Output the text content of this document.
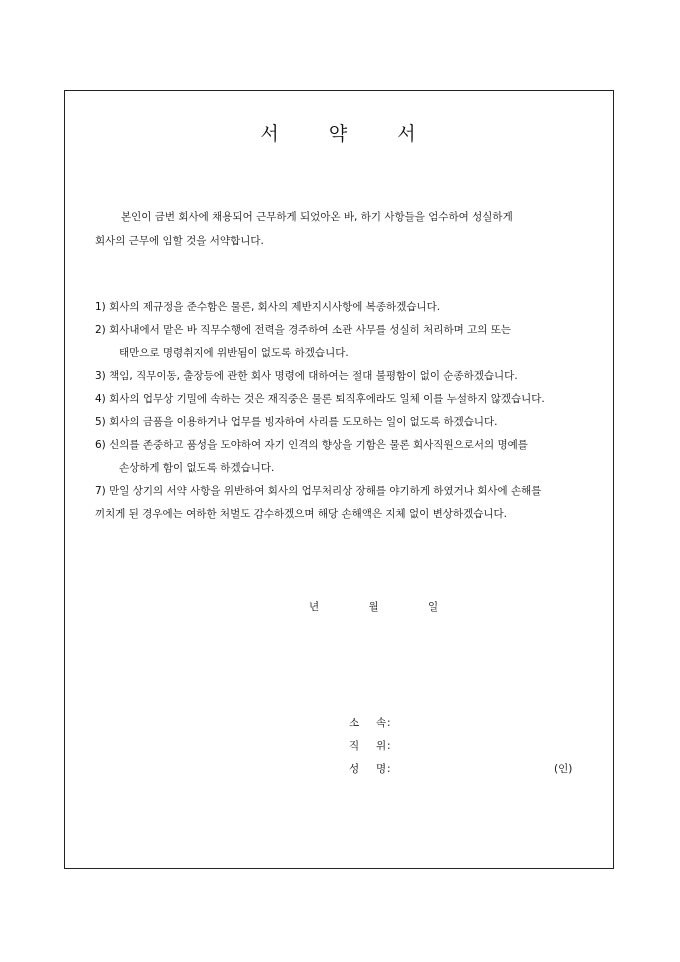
서	약	서
본인이 금번 회사에 채용되어 근무하게 되었아온 바, 하기 사항들을 엄수하여 성실하게
회사의 근무에 임할 것을 서약합니다.
1) 회사의 제규정을 준수함은 물론, 회사의 제반지시사항에 복종하겠습니다.
2) 회사내에서 맡은 바 직무수행에 전력을 경주하여 소관 사무를 성실히 처리하며 고의 또는
태만으로 명령취지에 위반됨이 없도록 하겠습니다.
3) 책임, 직무이동, 출장등에 관한 회사 명령에 대하여는 절대 불평함이 없이 순종하겠습니다.
4) 회사의 업무상 기밀에 속하는 것은 재직중은 물론 퇴직후에라도 일체 이를 누설하지 않겠습니다.
5) 회사의 금품을 이용하거나 업무를 빙자하여 사리를 도모하는 일이 없도록 하겠습니다.
6) 신의를 존중하고 품성을 도야하여 자기 인격의 향상을 기함은 물론 회사직원으로서의 명예를
손상하게 함이 없도록 하겠습니다.
7) 만일 상기의 서약 사항을 위반하여 회사의 업무처리상 장해를 야기하게 하였거나 회사에 손해를
끼치게 된 경우에는 여하한 처벌도 감수하겠으며 해당 손해액은 지체 없이 변상하겠습니다.
년	월	일
소 속:
직 위:
성 명:	(인)
